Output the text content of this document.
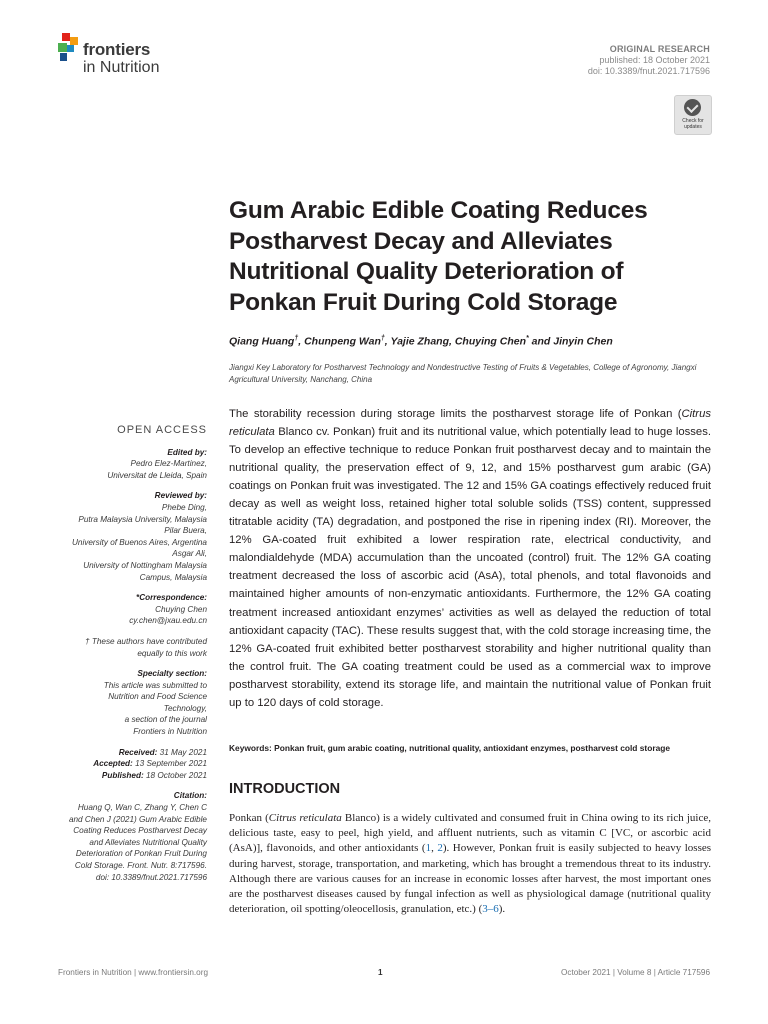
frontiers
in Nutrition
ORIGINAL RESEARCH
published: 18 October 2021
doi: 10.3389/fnut.2021.717596
Check for updates
Gum Arabic Edible Coating Reduces Postharvest Decay and Alleviates Nutritional Quality Deterioration of Ponkan Fruit During Cold Storage
Qiang Huang†, Chunpeng Wan†, Yajie Zhang, Chuying Chen* and Jinyin Chen
Jiangxi Key Laboratory for Postharvest Technology and Nondestructive Testing of Fruits & Vegetables, College of Agronomy, Jiangxi Agricultural University, Nanchang, China
OPEN ACCESS

Edited by:

Pedro Elez-Martinez,

Universitat de Lleida, Spain

Reviewed by:

Phebe Ding,

Putra Malaysia University, Malaysia

Pilar Buera,

University of Buenos Aires, Argentina

Asgar Ali,

University of Nottingham Malaysia

Campus, Malaysia

*Correspondence:

Chuying Chen

cy.chen@jxau.edu.cn

† These authors have contributed

equally to this work

Specialty section:

This article was submitted to

Nutrition and Food Science

Technology,

a section of the journal

Frontiers in Nutrition

Received: 31 May 2021

Accepted: 13 September 2021

Published: 18 October 2021

Citation:

Huang Q, Wan C, Zhang Y, Chen C

and Chen J (2021) Gum Arabic Edible

Coating Reduces Postharvest Decay

and Alleviates Nutritional Quality

Deterioration of Ponkan Fruit During

Cold Storage. Front. Nutr. 8:717596.

doi: 10.3389/fnut.2021.717596

The storability recession during storage limits the postharvest storage life of Ponkan (Citrus reticulata Blanco cv. Ponkan) fruit and its nutritional value, which potentially lead to huge losses. To develop an effective technique to reduce Ponkan fruit postharvest decay and to maintain the nutritional quality, the preservation effect of 9, 12, and 15% postharvest gum arabic (GA) coatings on Ponkan fruit was investigated. The 12 and 15% GA coatings effectively reduced fruit decay as well as weight loss, retained higher total soluble solids (TSS) content, suppressed titratable acidity (TA) degradation, and postponed the rise in ripening index (RI). Moreover, the 12% GA-coated fruit exhibited a lower respiration rate, electrical conductivity, and malondialdehyde (MDA) accumulation than the uncoated (control) fruit. The 12% GA coating treatment decreased the loss of ascorbic acid (AsA), total phenols, and total flavonoids and maintained higher amounts of non-enzymatic antioxidants. Furthermore, the 12% GA coating treatment increased antioxidant enzymes’ activities as well as delayed the reduction of total antioxidant capacity (TAC). These results suggest that, with the cold storage increasing time, the 12% GA-coated fruit exhibited better postharvest storability and higher nutritional quality than the control fruit. The GA coating treatment could be used as a commercial wax to improve postharvest storability, extend its storage life, and maintain the nutritional value of Ponkan fruit up to 120 days of cold storage.
Keywords: Ponkan fruit, gum arabic coating, nutritional quality, antioxidant enzymes, postharvest cold storage
INTRODUCTION
Ponkan (Citrus reticulata Blanco) is a widely cultivated and consumed fruit in China owing to its rich juice, delicious taste, easy to peel, high yield, and affluent nutrients, such as vitamin C [VC, or ascorbic acid (AsA)], flavonoids, and other antioxidants (1, 2). However, Ponkan fruit is easily subjected to heavy losses during harvest, storage, transportation, and marketing, which has brought a tremendous threat to its industry. Although there are various causes for an increase in economic losses after harvest, the most important ones are the postharvest diseases caused by fungal infection as well as physiological damage (nutritional quality deterioration, oil spotting/oleocellosis, granulation, etc.) (3–6).
Frontiers in Nutrition | www.frontiersin.org	1	October 2021 | Volume 8 | Article 717596
